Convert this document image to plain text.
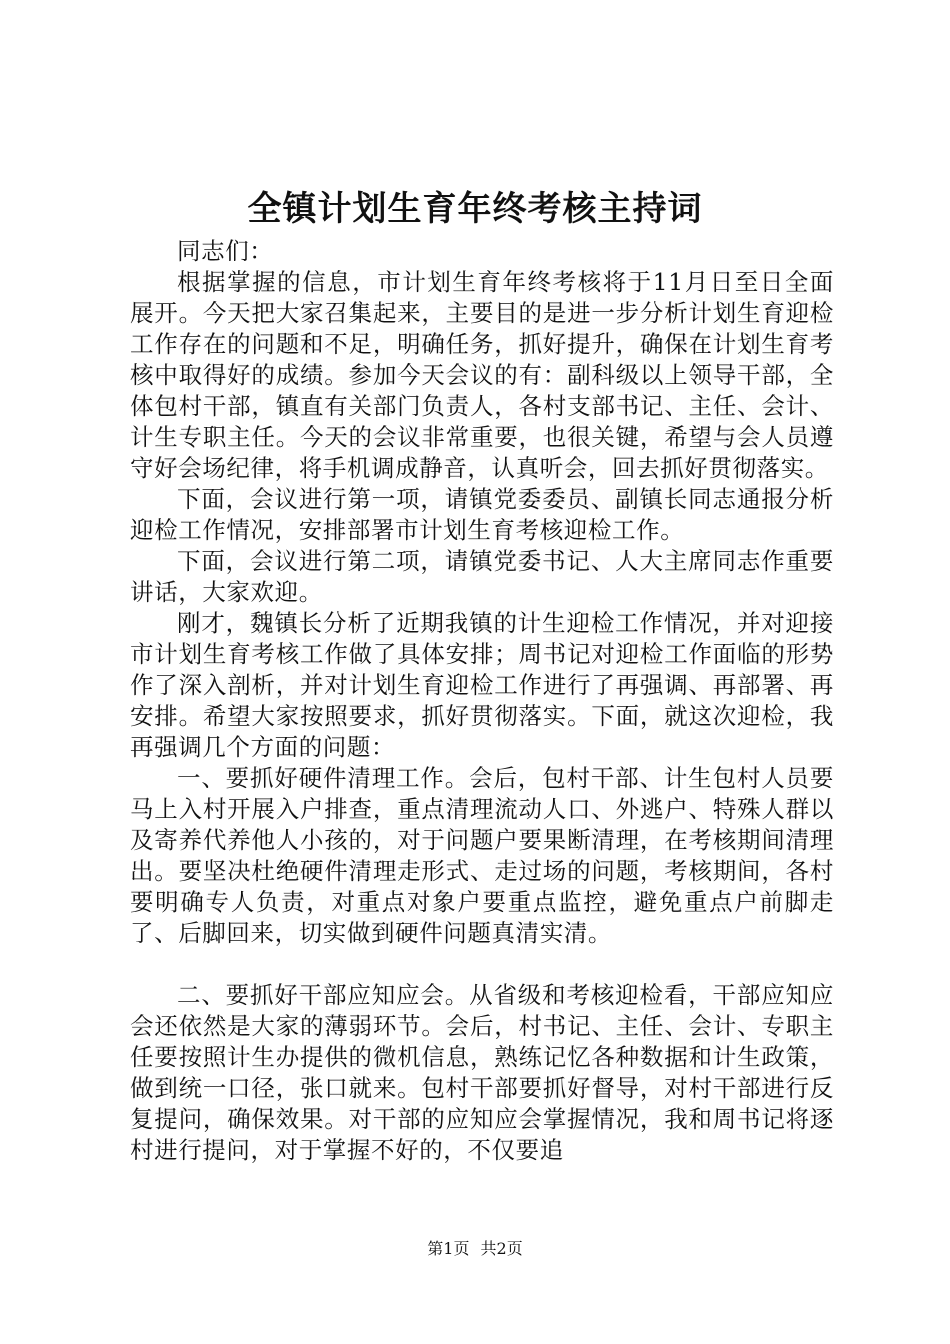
全镇计划生育年终考核主持词

同志们：

根据掌握的信息，市计划生育年终考核将于11月日至日全面展开。今天把大家召集起来，主要目的是进一步分析计划生育迎检工作存在的问题和不足，明确任务，抓好提升，确保在计划生育考核中取得好的成绩。参加今天会议的有：副科级以上领导干部，全体包村干部，镇直有关部门负责人，各村支部书记、主任、会计、计生专职主任。今天的会议非常重要，也很关键，希望与会人员遵守好会场纪律，将手机调成静音，认真听会，回去抓好贯彻落实。

下面，会议进行第一项，请镇党委委员、副镇长同志通报分析迎检工作情况，安排部署市计划生育考核迎检工作。

下面，会议进行第二项，请镇党委书记、人大主席同志作重要讲话，大家欢迎。

刚才，魏镇长分析了近期我镇的计生迎检工作情况，并对迎接市计划生育考核工作做了具体安排；周书记对迎检工作面临的形势作了深入剖析，并对计划生育迎检工作进行了再强调、再部署、再安排。希望大家按照要求，抓好贯彻落实。下面，就这次迎检，我再强调几个方面的问题：

一、要抓好硬件清理工作。会后，包村干部、计生包村人员要马上入村开展入户排查，重点清理流动人口、外逃户、特殊人群以及寄养代养他人小孩的，对于问题户要果断清理，在考核期间清理出。要坚决杜绝硬件清理走形式、走过场的问题，考核期间，各村要明确专人负责，对重点对象户要重点监控，避免重点户前脚走了、后脚回来，切实做到硬件问题真清实清。

二、要抓好干部应知应会。从省级和考核迎检看，干部应知应会还依然是大家的薄弱环节。会后，村书记、主任、会计、专职主任要按照计生办提供的微机信息，熟练记忆各种数据和计生政策，做到统一口径，张口就来。包村干部要抓好督导，对村干部进行反复提问，确保效果。对干部的应知应会掌握情况，我和周书记将逐村进行提问，对于掌握不好的，不仅要追

第1页 共2页
